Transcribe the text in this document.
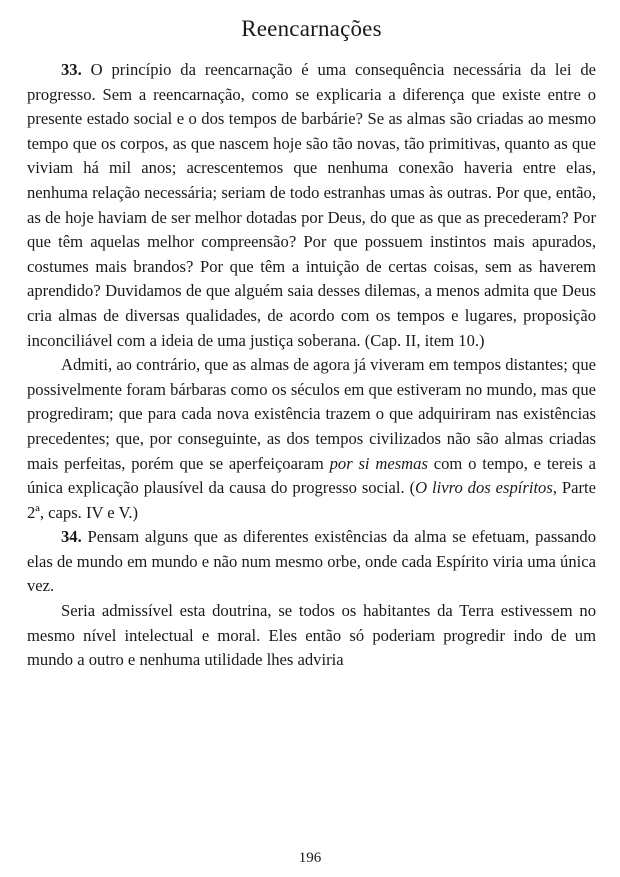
Reencarnações

33. O princípio da reencarnação é uma consequência necessária da lei de progresso. Sem a reencarnação, como se explicaria a diferença que existe entre o presente estado social e o dos tempos de barbárie? Se as almas são criadas ao mesmo tempo que os corpos, as que nascem hoje são tão novas, tão primitivas, quanto as que viviam há mil anos; acrescentemos que nenhuma conexão haveria entre elas, nenhuma relação necessária; seriam de todo estranhas umas às outras. Por que, então, as de hoje haviam de ser melhor dotadas por Deus, do que as que as precederam? Por que têm aquelas melhor compreensão? Por que possuem instintos mais apurados, costumes mais brandos? Por que têm a intuição de certas coisas, sem as haverem aprendido? Duvidamos de que alguém saia desses dilemas, a menos admita que Deus cria almas de diversas qualidades, de acordo com os tempos e lugares, proposição inconciliável com a ideia de uma justiça soberana. (Cap. II, item 10.)

Admiti, ao contrário, que as almas de agora já viveram em tempos distantes; que possivelmente foram bárbaras como os séculos em que estiveram no mundo, mas que progrediram; que para cada nova existência trazem o que adquiriram nas existências precedentes; que, por conseguinte, as dos tempos civilizados não são almas criadas mais perfeitas, porém que se aperfeiçoaram por si mesmas com o tempo, e tereis a única explicação plausível da causa do progresso social. (O livro dos espíritos, Parte 2ª, caps. IV e V.)

34. Pensam alguns que as diferentes existências da alma se efetuam, passando elas de mundo em mundo e não num mesmo orbe, onde cada Espírito viria uma única vez.

Seria admissível esta doutrina, se todos os habitantes da Terra estivessem no mesmo nível intelectual e moral. Eles então só poderiam progredir indo de um mundo a outro e nenhuma utilidade lhes adviria

196
